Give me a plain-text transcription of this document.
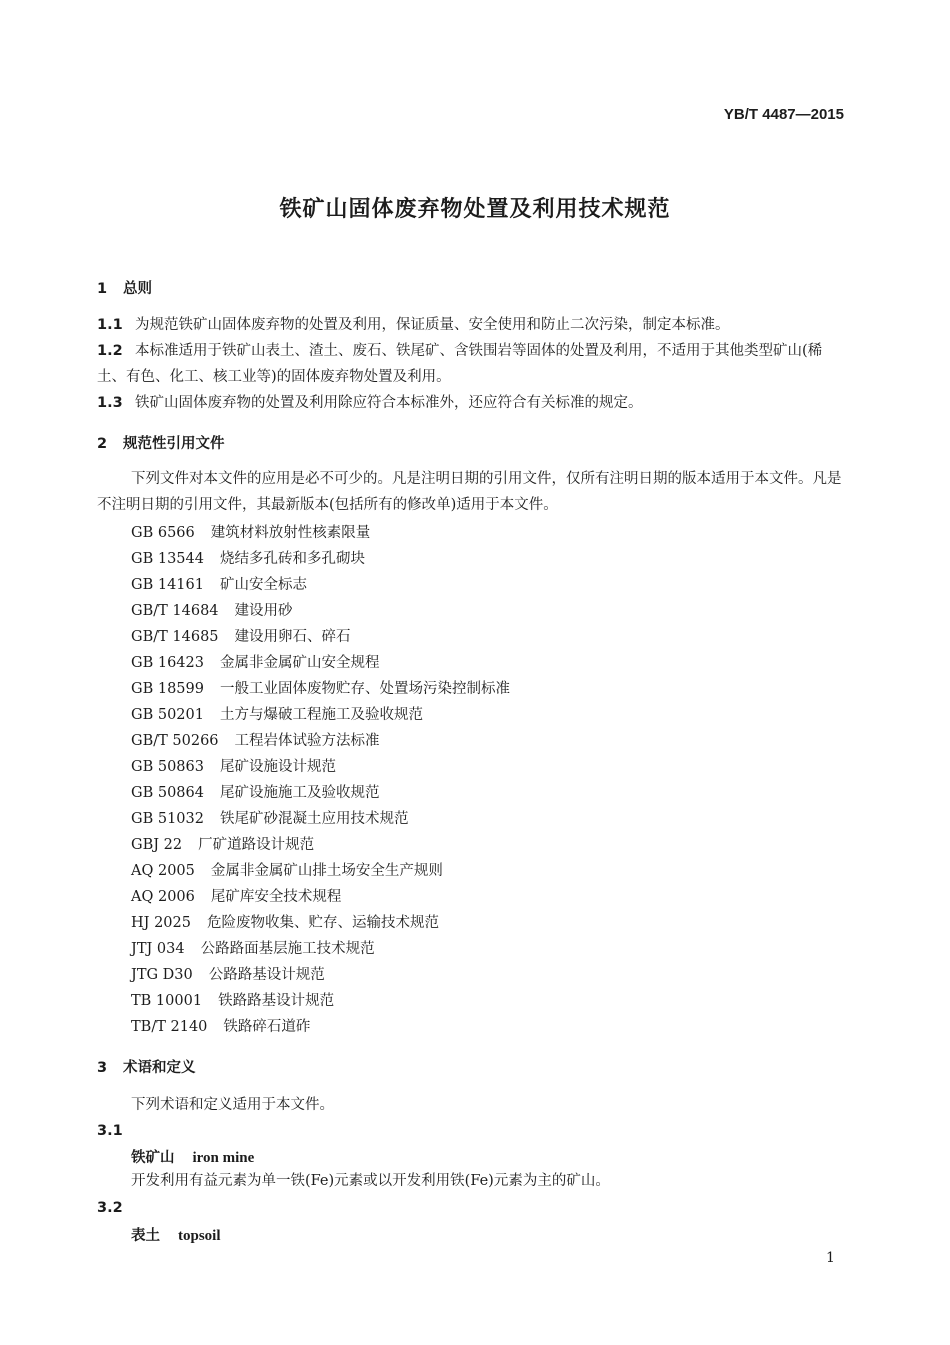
YB/T 4487—2015
铁矿山固体废弃物处置及利用技术规范
1 总则
1.1 为规范铁矿山固体废弃物的处置及利用，保证质量、安全使用和防止二次污染，制定本标准。
1.2 本标准适用于铁矿山表土、渣土、废石、铁尾矿、含铁围岩等固体的处置及利用，不适用于其他类型矿山(稀土、有色、化工、核工业等)的固体废弃物处置及利用。
1.3 铁矿山固体废弃物的处置及利用除应符合本标准外，还应符合有关标准的规定。
2 规范性引用文件
下列文件对本文件的应用是必不可少的。凡是注明日期的引用文件，仅所有注明日期的版本适用于本文件。凡是不注明日期的引用文件，其最新版本(包括所有的修改单)适用于本文件。
GB 6566 建筑材料放射性核素限量
GB 13544 烧结多孔砖和多孔砌块
GB 14161 矿山安全标志
GB/T 14684 建设用砂
GB/T 14685 建设用卵石、碎石
GB 16423 金属非金属矿山安全规程
GB 18599 一般工业固体废物贮存、处置场污染控制标准
GB 50201 土方与爆破工程施工及验收规范
GB/T 50266 工程岩体试验方法标准
GB 50863 尾矿设施设计规范
GB 50864 尾矿设施施工及验收规范
GB 51032 铁尾矿砂混凝土应用技术规范
GBJ 22 厂矿道路设计规范
AQ 2005 金属非金属矿山排土场安全生产规则
AQ 2006 尾矿库安全技术规程
HJ 2025 危险废物收集、贮存、运输技术规范
JTJ 034 公路路面基层施工技术规范
JTG D30 公路路基设计规范
TB 10001 铁路路基设计规范
TB/T 2140 铁路碎石道砟
3 术语和定义
下列术语和定义适用于本文件。
3.1
铁矿山 iron mine
开发利用有益元素为单一铁(Fe)元素或以开发利用铁(Fe)元素为主的矿山。
3.2
表土 topsoil
1
